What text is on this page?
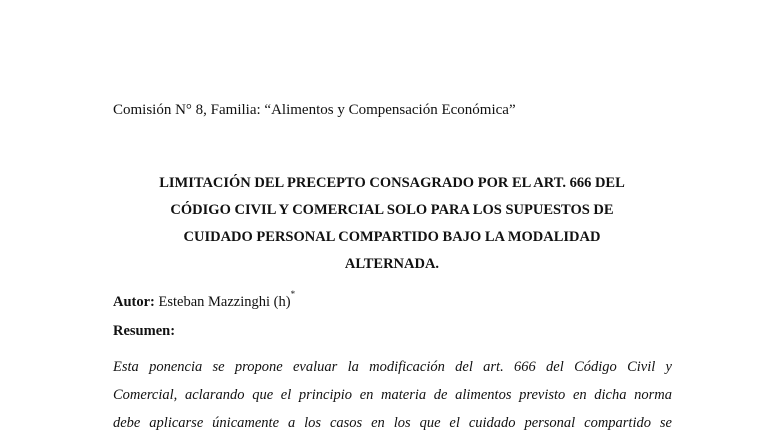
Comisión N° 8, Familia: “Alimentos y Compensación Económica”
LIMITACIÓN DEL PRECEPTO CONSAGRADO POR EL ART. 666 DEL
CÓDIGO CIVIL Y COMERCIAL SOLO PARA LOS SUPUESTOS DE
CUIDADO PERSONAL COMPARTIDO BAJO LA MODALIDAD
ALTERNADA.
Autor: Esteban Mazzinghi (h)*
Resumen:
Esta ponencia se propone evaluar la modificación del art. 666 del Código Civil y
Comercial, aclarando que el principio en materia de alimentos previsto en dicha norma
debe aplicarse únicamente a los casos en los que el cuidado personal compartido se
